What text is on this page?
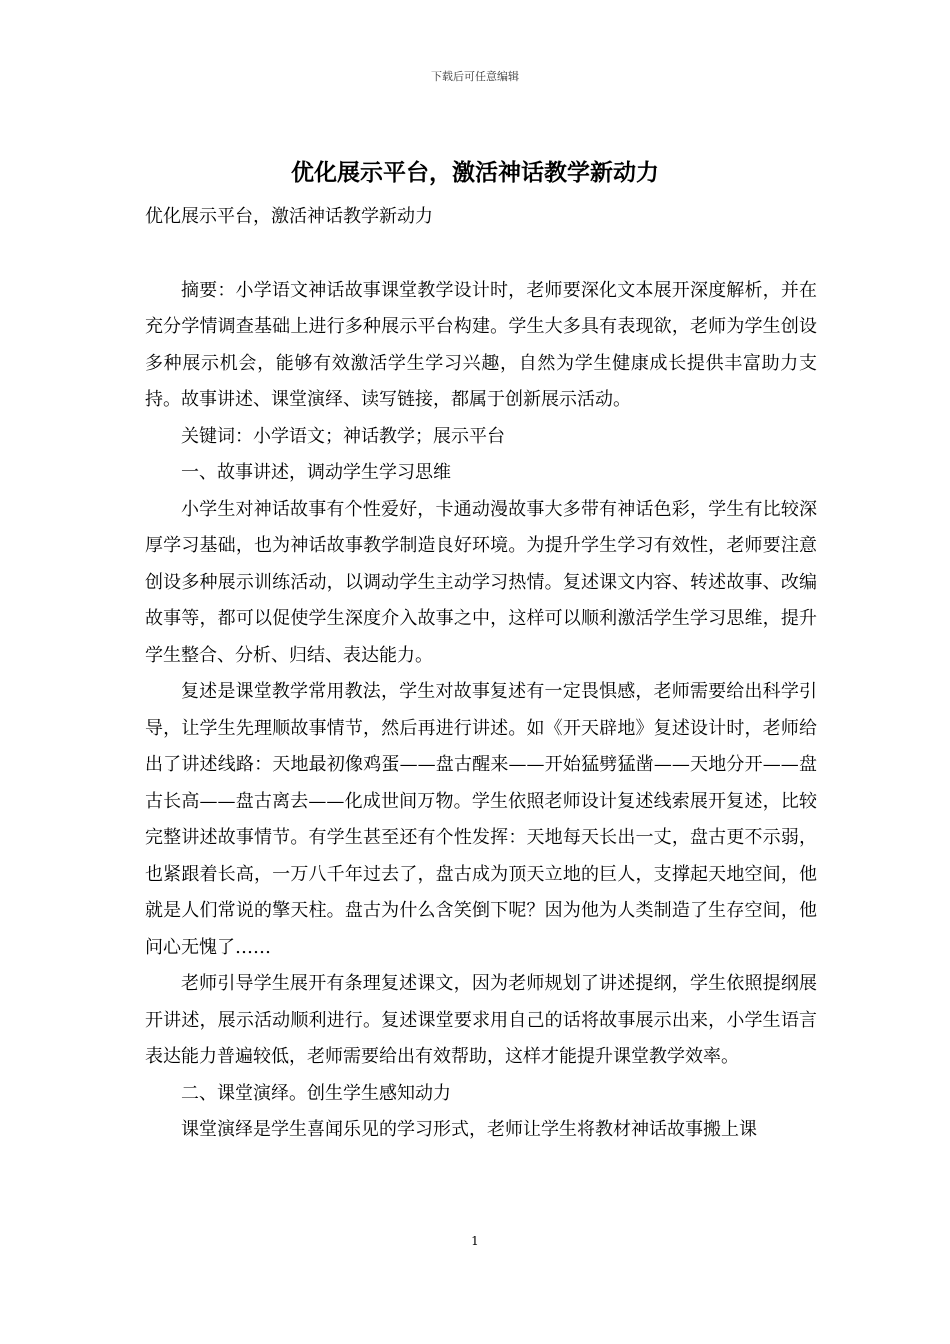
下载后可任意编辑
优化展示平台，激活神话教学新动力

优化展示平台，激活神话教学新动力

摘要：小学语文神话故事课堂教学设计时，老师要深化文本展开深度解析，并在充分学情调查基础上进行多种展示平台构建。学生大多具有表现欲，老师为学生创设多种展示机会，能够有效激活学生学习兴趣，自然为学生健康成长提供丰富助力支持。故事讲述、课堂演绎、读写链接，都属于创新展示活动。

关键词：小学语文；神话教学；展示平台

一、故事讲述，调动学生学习思维

小学生对神话故事有个性爱好，卡通动漫故事大多带有神话色彩，学生有比较深厚学习基础，也为神话故事教学制造良好环境。为提升学生学习有效性，老师要注意创设多种展示训练活动，以调动学生主动学习热情。复述课文内容、转述故事、改编故事等，都可以促使学生深度介入故事之中，这样可以顺利激活学生学习思维，提升学生整合、分析、归结、表达能力。

复述是课堂教学常用教法，学生对故事复述有一定畏惧感，老师需要给出科学引导，让学生先理顺故事情节，然后再进行讲述。如《开天辟地》复述设计时，老师给出了讲述线路：天地最初像鸡蛋——盘古醒来——开始猛劈猛凿——天地分开——盘古长高——盘古离去——化成世间万物。学生依照老师设计复述线索展开复述，比较完整讲述故事情节。有学生甚至还有个性发挥：天地每天长出一丈，盘古更不示弱，也紧跟着长高，一万八千年过去了，盘古成为顶天立地的巨人，支撑起天地空间，他就是人们常说的擎天柱。盘古为什么含笑倒下呢？因为他为人类制造了生存空间，他问心无愧了……

老师引导学生展开有条理复述课文，因为老师规划了讲述提纲，学生依照提纲展开讲述，展示活动顺利进行。复述课堂要求用自己的话将故事展示出来，小学生语言表达能力普遍较低，老师需要给出有效帮助，这样才能提升课堂教学效率。

二、课堂演绎。创生学生感知动力

课堂演绎是学生喜闻乐见的学习形式，老师让学生将教材神话故事搬上课

1
